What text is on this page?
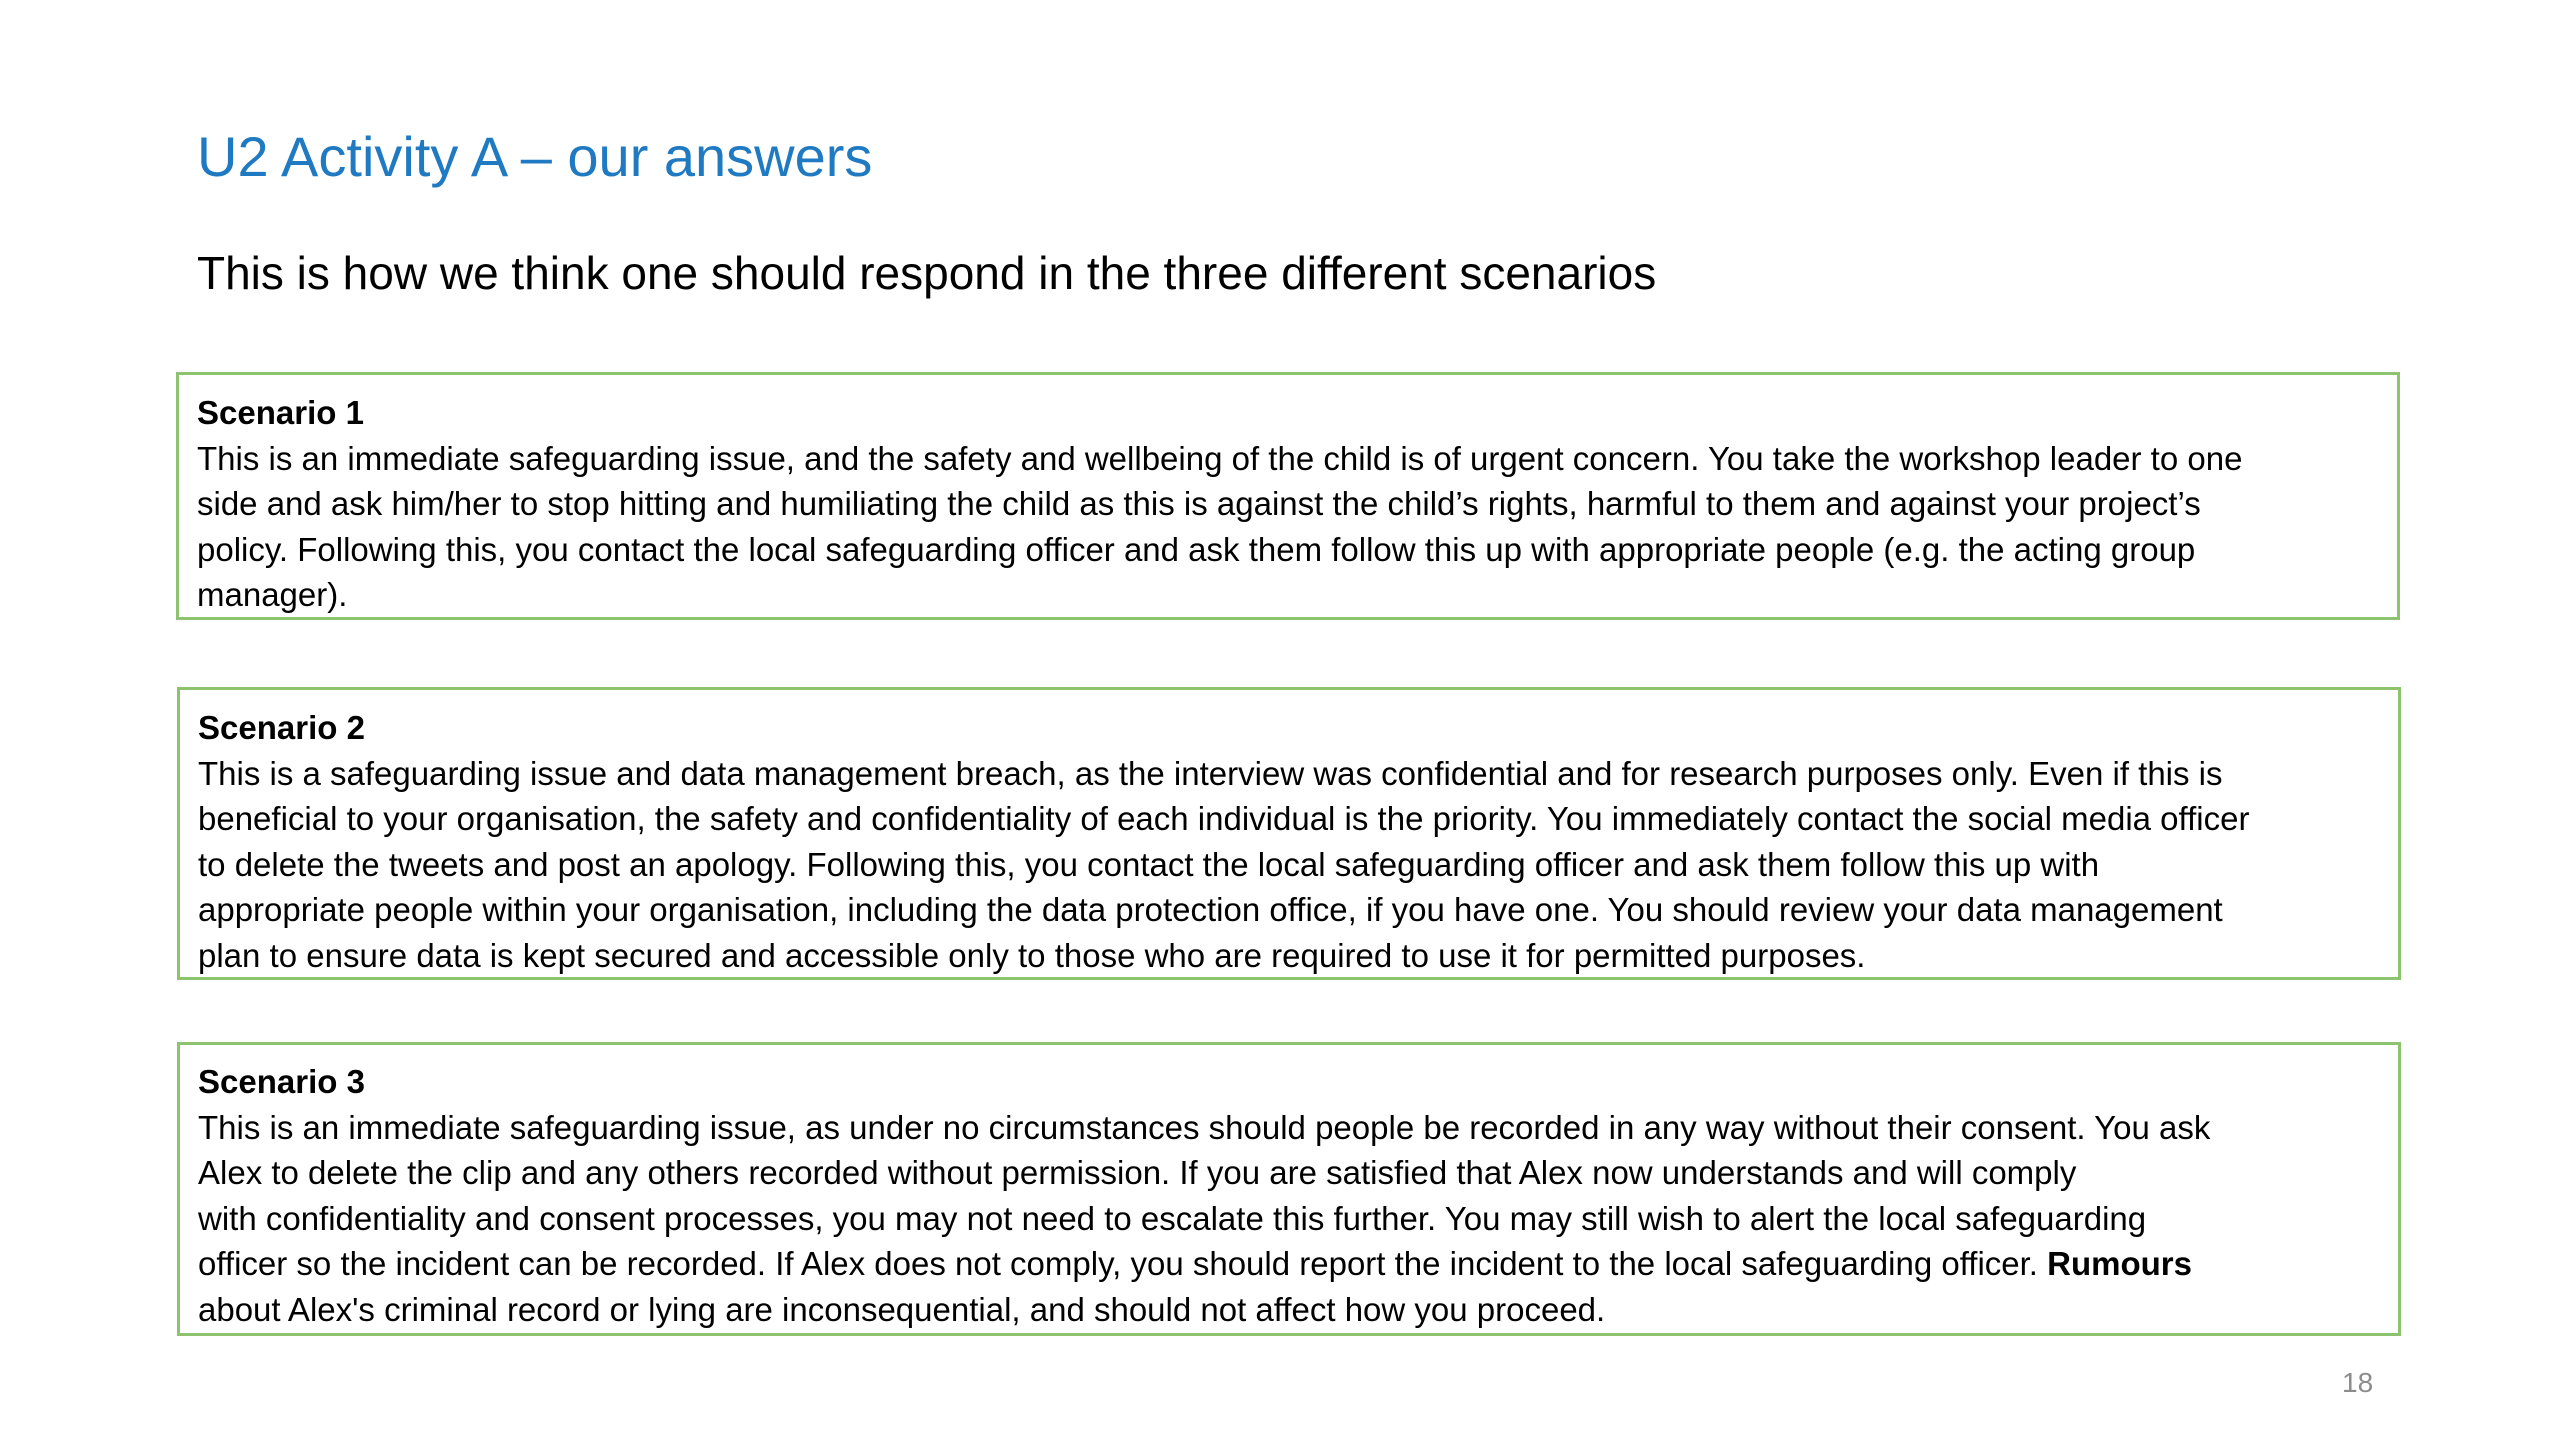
U2 Activity A – our answers

This is how we think one should respond in the three different scenarios

Scenario 1
This is an immediate safeguarding issue, and the safety and wellbeing of the child is of urgent concern. You take the workshop leader to one
side and ask him/her to stop hitting and humiliating the child as this is against the child’s rights, harmful to them and against your project’s
policy. Following this, you contact the local safeguarding officer and ask them follow this up with appropriate people (e.g. the acting group
manager).
Scenario 2
This is a safeguarding issue and data management breach, as the interview was confidential and for research purposes only. Even if this is
beneficial to your organisation, the safety and confidentiality of each individual is the priority. You immediately contact the social media officer
to delete the tweets and post an apology. Following this, you contact the local safeguarding officer and ask them follow this up with
appropriate people within your organisation, including the data protection office, if you have one. You should review your data management
plan to ensure data is kept secured and accessible only to those who are required to use it for permitted purposes.
Scenario 3
This is an immediate safeguarding issue, as under no circumstances should people be recorded in any way without their consent. You ask
Alex to delete the clip and any others recorded without permission. If you are satisfied that Alex now understands and will comply
with confidentiality and consent processes, you may not need to escalate this further. You may still wish to alert the local safeguarding
officer so the incident can be recorded. If Alex does not comply, you should report the incident to the local safeguarding officer. Rumours
about Alex's criminal record or lying are inconsequential, and should not affect how you proceed.
18
